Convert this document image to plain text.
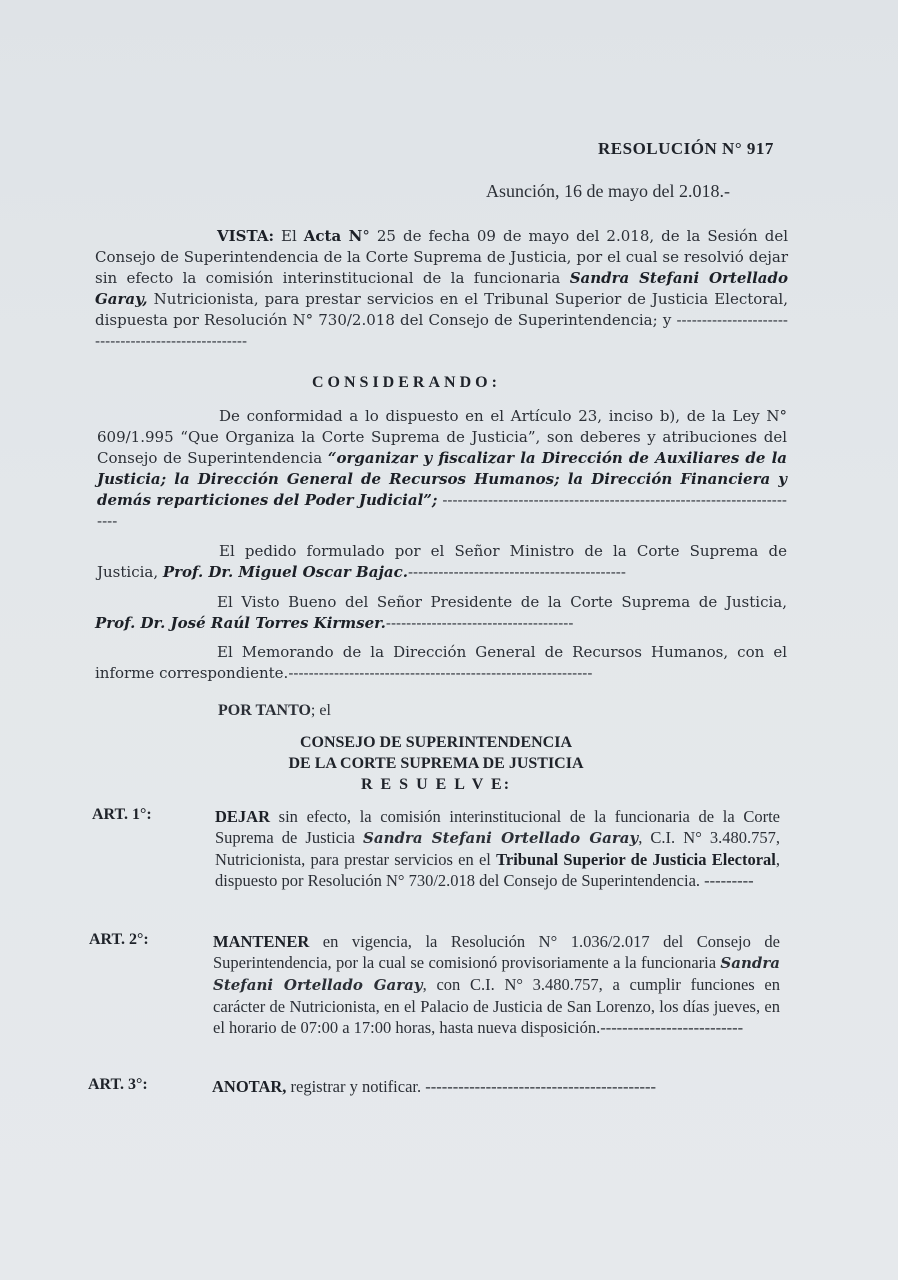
RESOLUCIÓN N° 917
Asunción, 16 de mayo del 2.018.-
VISTA: El Acta N° 25 de fecha 09 de mayo del 2.018, de la Sesión del Consejo de Superintendencia de la Corte Suprema de Justicia, por el cual se resolvió dejar sin efecto la comisión interinstitucional de la funcionaria Sandra Stefani Ortellado Garay, Nutricionista, para prestar servicios en el Tribunal Superior de Justicia Electoral, dispuesta por Resolución N° 730/2.018 del Consejo de Superintendencia; y ----------------------------------------------------
CONSIDERANDO:
De conformidad a lo dispuesto en el Artículo 23, inciso b), de la Ley N° 609/1.995 “Que Organiza la Corte Suprema de Justicia”, son deberes y atribuciones del Consejo de Superintendencia “organizar y fiscalizar la Dirección de Auxiliares de la Justicia; la Dirección General de Recursos Humanos; la Dirección Financiera y demás reparticiones del Poder Judicial”; ------------------------------------------------------------------------
El pedido formulado por el Señor Ministro de la Corte Suprema de Justicia, Prof. Dr. Miguel Oscar Bajac.-------------------------------------------
El Visto Bueno del Señor Presidente de la Corte Suprema de Justicia, Prof. Dr. José Raúl Torres Kirmser.-------------------------------------
El Memorando de la Dirección General de Recursos Humanos, con el informe correspondiente.------------------------------------------------------------
POR TANTO; el
CONSEJO DE SUPERINTENDENCIA
DE LA CORTE SUPREMA DE JUSTICIA
R E S U E L V E:
ART. 1°:	DEJAR sin efecto, la comisión interinstitucional de la funcionaria de la Corte Suprema de Justicia Sandra Stefani Ortellado Garay, C.I. N° 3.480.757, Nutricionista, para prestar servicios en el Tribunal Superior de Justicia Electoral, dispuesto por Resolución N° 730/2.018 del Consejo de Superintendencia. ---------
ART. 2°:	MANTENER en vigencia, la Resolución N° 1.036/2.017 del Consejo de Superintendencia, por la cual se comisionó provisoriamente a la funcionaria Sandra Stefani Ortellado Garay, con C.I. N° 3.480.757, a cumplir funciones en carácter de Nutricionista, en el Palacio de Justicia de San Lorenzo, los días jueves, en el horario de 07:00 a 17:00 horas, hasta nueva disposición.--------------------------
ART. 3°:	ANOTAR, registrar y notificar. ------------------------------------------
